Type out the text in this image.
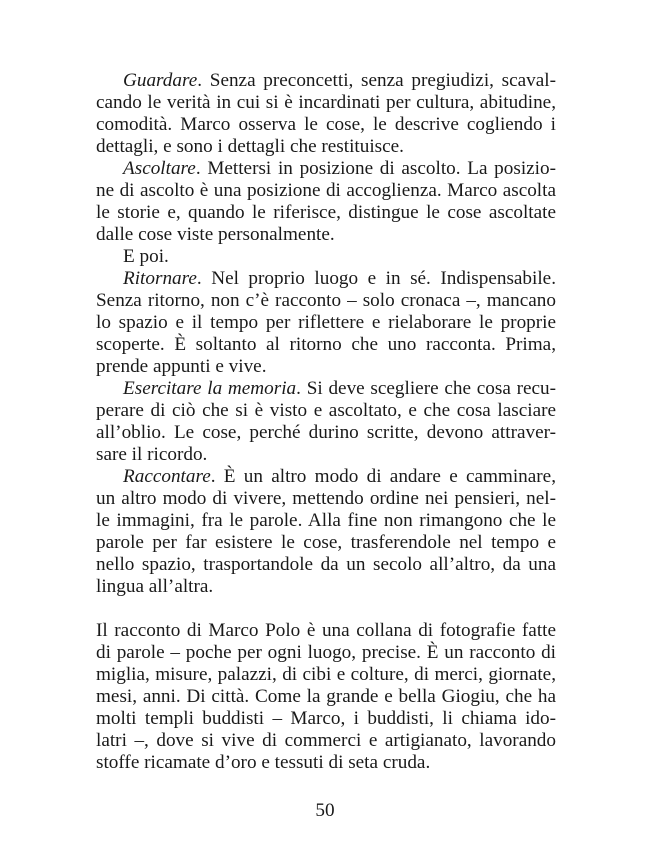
Guardare. Senza preconcetti, senza pregiudizi, scaval-
cando le verità in cui si è incardinati per cultura, abitudine,
comodità. Marco osserva le cose, le descrive cogliendo i
dettagli, e sono i dettagli che restituisce.
Ascoltare. Mettersi in posizione di ascolto. La posizio-
ne di ascolto è una posizione di accoglienza. Marco ascolta
le storie e, quando le riferisce, distingue le cose ascoltate
dalle cose viste personalmente.
E poi.
Ritornare. Nel proprio luogo e in sé. Indispensabile.
Senza ritorno, non c’è racconto – solo cronaca –, mancano
lo spazio e il tempo per riflettere e rielaborare le proprie
scoperte. È soltanto al ritorno che uno racconta. Prima,
prende appunti e vive.
Esercitare la memoria. Si deve scegliere che cosa recu-
perare di ciò che si è visto e ascoltato, e che cosa lasciare
all’oblio. Le cose, perché durino scritte, devono attraver-
sare il ricordo.
Raccontare. È un altro modo di andare e camminare,
un altro modo di vivere, mettendo ordine nei pensieri, nel-
le immagini, fra le parole. Alla fine non rimangono che le
parole per far esistere le cose, trasferendole nel tempo e
nello spazio, trasportandole da un secolo all’altro, da una
lingua all’altra.
Il racconto di Marco Polo è una collana di fotografie fatte
di parole – poche per ogni luogo, precise. È un racconto di
miglia, misure, palazzi, di cibi e colture, di merci, giornate,
mesi, anni. Di città. Come la grande e bella Giogiu, che ha
molti templi buddisti – Marco, i buddisti, li chiama ido-
latri –, dove si vive di commerci e artigianato, lavorando
stoffe ricamate d’oro e tessuti di seta cruda.
50
